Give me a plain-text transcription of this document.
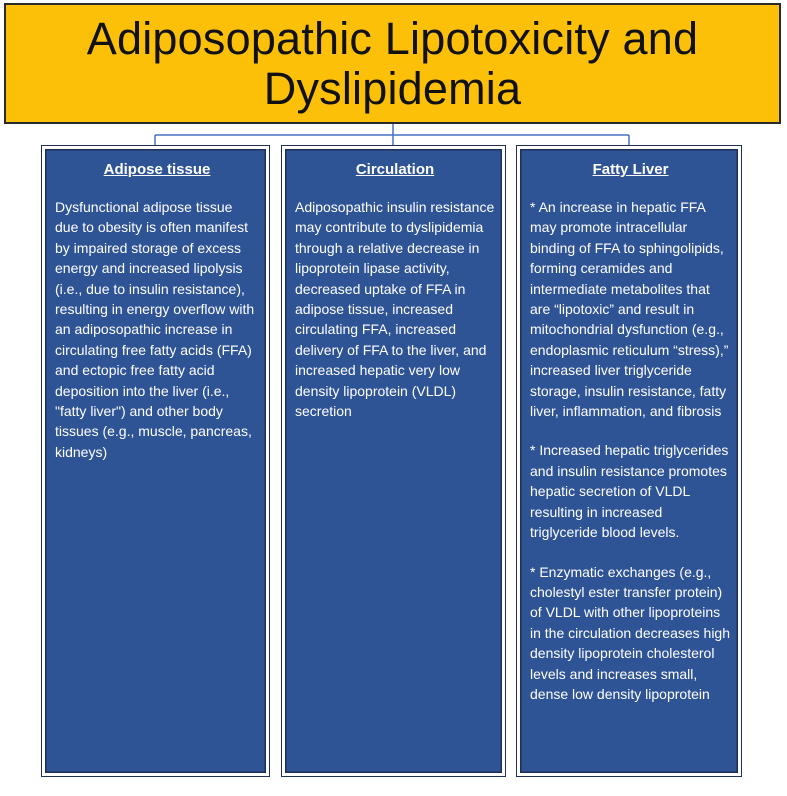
Adiposopathic Lipotoxicity and Dyslipidemia
Adipose tissue

Dysfunctional adipose tissue due to obesity is often manifest by impaired storage of excess energy and increased lipolysis (i.e., due to insulin resistance), resulting in energy overflow with an adiposopathic increase in circulating free fatty acids (FFA) and ectopic free fatty acid deposition into the liver (i.e., "fatty liver") and other body tissues (e.g., muscle, pancreas, kidneys)

Circulation

Adiposopathic insulin resistance may contribute to dyslipidemia through a relative decrease in lipoprotein lipase activity, decreased uptake of FFA in adipose tissue, increased circulating FFA, increased delivery of FFA to the liver, and increased hepatic very low density lipoprotein (VLDL) secretion

Fatty Liver

* An increase in hepatic FFA may promote intracellular binding of FFA to sphingolipids, forming ceramides and intermediate metabolites that are “lipotoxic” and result in mitochondrial dysfunction (e.g., endoplasmic reticulum “stress),” increased liver triglyceride storage, insulin resistance, fatty liver, inflammation, and fibrosis

* Increased hepatic triglycerides and insulin resistance promotes hepatic secretion of VLDL resulting in increased triglyceride blood levels.

* Enzymatic exchanges (e.g., cholestyl ester transfer protein) of VLDL with other lipoproteins in the circulation decreases high density lipoprotein cholesterol levels and increases small, dense low density lipoprotein
